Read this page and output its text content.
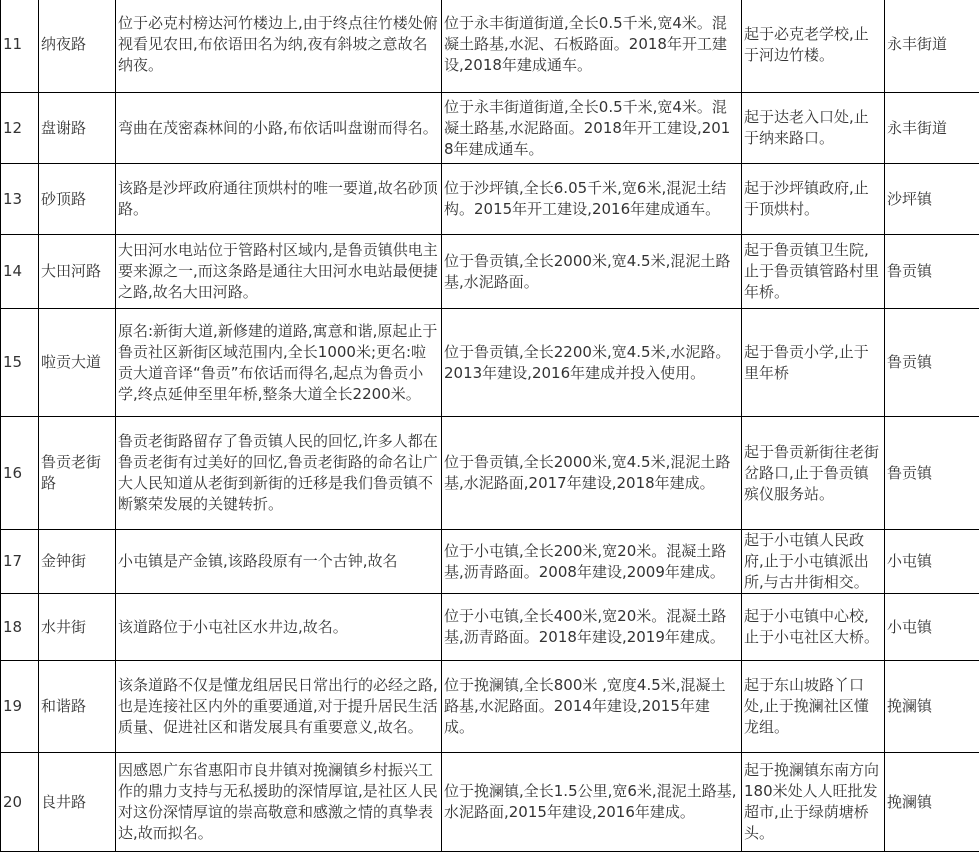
11	纳夜路	位于必克村榜达河竹楼边上,由于终点往竹楼处俯视看见农田,布依语田名为纳,夜有斜坡之意故名纳夜。	位于永丰街道街道,全长0.5千米,宽4米。混凝土路基,水泥、石板路面。2018年开工建设,2018年建成通车。	起于必克老学校,止于河边竹楼。	永丰街道
12	盘谢路	弯曲在茂密森林间的小路,布依话叫盘谢而得名。	位于永丰街道街道,全长0.5千米,宽4米。混凝土路基,水泥路面。2018年开工建设,2018年建成通车。	起于达老入口处,止于纳来路口。	永丰街道
13	砂顶路	该路是沙坪政府通往顶烘村的唯一要道,故名砂顶路。	位于沙坪镇,全长6.05千米,宽6米,混泥土结构。2015年开工建设,2016年建成通车。	起于沙坪镇政府,止于顶烘村。	沙坪镇
14	大田河路	大田河水电站位于管路村区域内,是鲁贡镇供电主要来源之一,而这条路是通往大田河水电站最便捷之路,故名大田河路。	位于鲁贡镇,全长2000米,宽4.5米,混泥土路基,水泥路面。	起于鲁贡镇卫生院,止于鲁贡镇管路村里年桥。	鲁贡镇
15	啦贡大道	原名:新街大道,新修建的道路,寓意和谐,原起止于鲁贡社区新街区域范围内,全长1000米;更名:啦贡大道音译“鲁贡”布依话而得名,起点为鲁贡小学,终点延伸至里年桥,整条大道全长2200米。	位于鲁贡镇,全长2200米,宽4.5米,水泥路。2013年建设,2016年建成并投入使用。	起于鲁贡小学,止于里年桥	鲁贡镇
16	鲁贡老街路	鲁贡老街路留存了鲁贡镇人民的回忆,许多人都在鲁贡老街有过美好的回忆,鲁贡老街路的命名让广大人民知道从老街到新街的迁移是我们鲁贡镇不断繁荣发展的关键转折。	位于鲁贡镇,全长2000米,宽4.5米,混泥土路基,水泥路面,2017年建设,2018年建成。	起于鲁贡新街往老街岔路口,止于鲁贡镇殡仪服务站。	鲁贡镇
17	金钟街	小屯镇是产金镇,该路段原有一个古钟,故名	位于小屯镇,全长200米,宽20米。混凝土路基,沥青路面。2008年建设,2009年建成。	起于小屯镇人民政府,止于小屯镇派出所,与古井街相交。	小屯镇
18	水井街	该道路位于小屯社区水井边,故名。	位于小屯镇,全长400米,宽20米。混凝土路基,沥青路面。2018年建设,2019年建成。	起于小屯镇中心校,止于小屯社区大桥。	小屯镇
19	和谐路	该条道路不仅是懂龙组居民日常出行的必经之路,也是连接社区内外的重要通道,对于提升居民生活质量、促进社区和谐发展具有重要意义,故名。	位于挽澜镇,全长800米 ,宽度4.5米,混凝土路基,水泥路面。2014年建设,2015年建成。	起于东山坡路丫口处,止于挽澜社区懂龙组。	挽澜镇
20	良井路	因感恩广东省惠阳市良井镇对挽澜镇乡村振兴工作的鼎力支持与无私援助的深情厚谊,是社区人民对这份深情厚谊的崇高敬意和感激之情的真挚表达,故而拟名。	位于挽澜镇,全长1.5公里,宽6米,混泥土路基,水泥路面,2015年建设,2016年建成。	起于挽澜镇东南方向180米处人人旺批发超市,止于绿荫塘桥头。	挽澜镇
